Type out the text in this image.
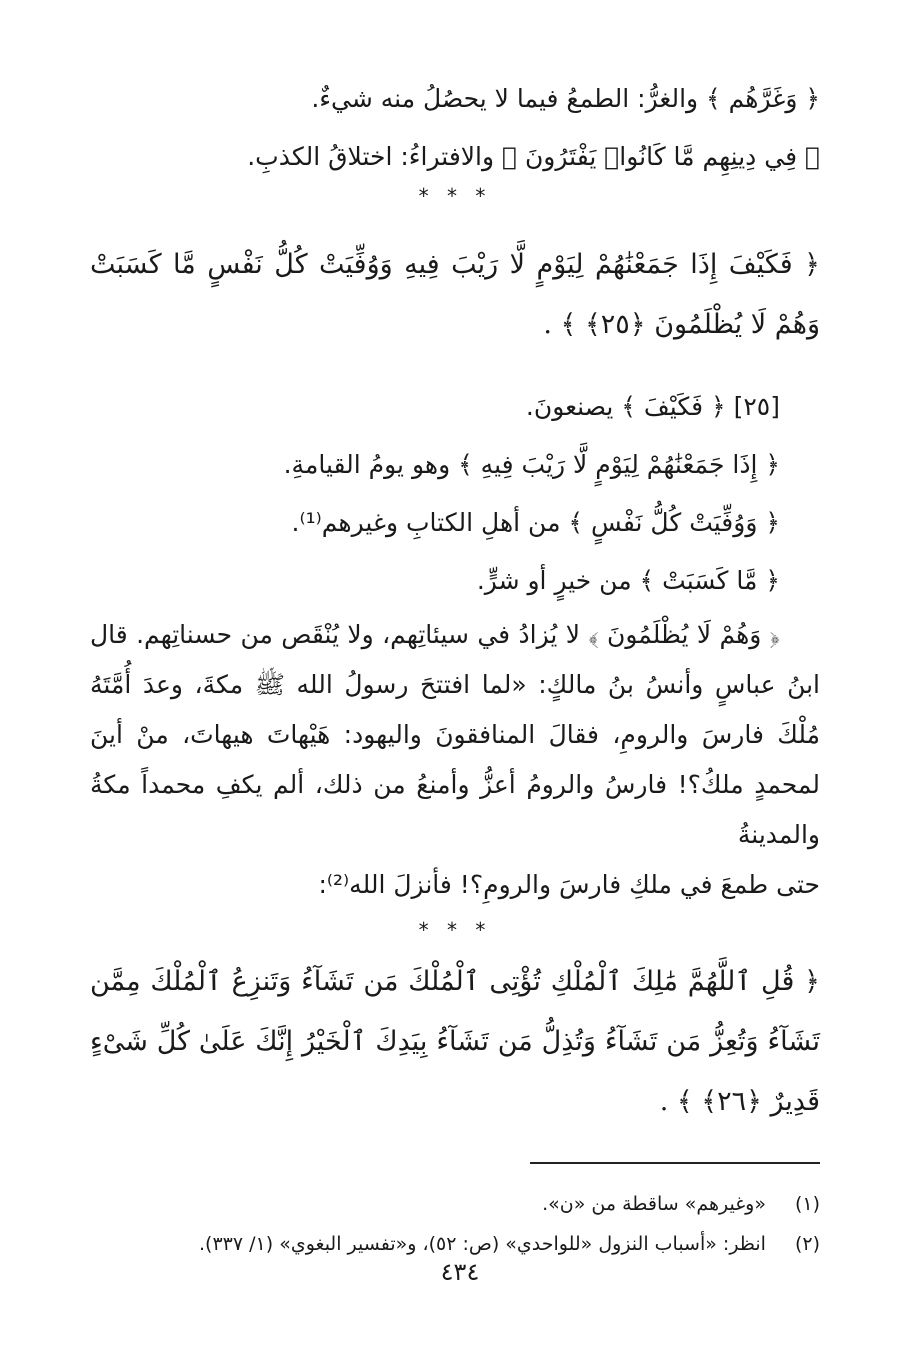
﴿ وَغَرَّهُم ﴾ والغرُّ: الطمعُ فيما لا يحصُلُ منه شيءٌ.

﴿ فِي دِينِهِم مَّا كَانُوا۟ يَفْتَرُونَ ﴾ والافتراءُ: اختلاقُ الكذبِ.

* * *

﴿ فَكَيْفَ إِذَا جَمَعْنَٰهُمْ لِيَوْمٍ لَّا رَيْبَ فِيهِ وَوُفِّيَتْ كُلُّ نَفْسٍ مَّا كَسَبَتْ وَهُمْ لَا يُظْلَمُونَ ﴿٢٥﴾ ﴾ .

[٢٥] ﴿ فَكَيْفَ ﴾ يصنعونَ.

﴿ إِذَا جَمَعْنَٰهُمْ لِيَوْمٍ لَّا رَيْبَ فِيهِ ﴾ وهو يومُ القيامةِ.

﴿ وَوُفِّيَتْ كُلُّ نَفْسٍ ﴾ من أهلِ الكتابِ وغيرهم⁽¹⁾.

﴿ مَّا كَسَبَتْ ﴾ من خيرٍ أو شرٍّ.

﴿ وَهُمْ لَا يُظْلَمُونَ ﴾ لا يُزادُ في سيئاتِهم، ولا يُنْقَص من حسناتِهم. قال ابنُ عباسٍ وأنسُ بنُ مالكٍ: «لما افتتحَ رسولُ الله ﷺ مكةَ، وعدَ أُمَّتَهُ مُلْكَ فارسَ والرومِ، فقالَ المنافقونَ واليهود: هَيْهاتَ هيهاتَ، منْ أينَ لمحمدٍ ملكُ؟! فارسُ والرومُ أعزُّ وأمنعُ من ذلك، ألم يكفِ محمداً مكةُ والمدينةُ

حتى طمعَ في ملكِ فارسَ والرومِ؟! فأنزلَ الله⁽²⁾:

* * *

﴿ قُلِ ٱللَّهُمَّ مَٰلِكَ ٱلْمُلْكِ تُؤْتِى ٱلْمُلْكَ مَن تَشَآءُ وَتَنزِعُ ٱلْمُلْكَ مِمَّن تَشَآءُ وَتُعِزُّ مَن تَشَآءُ وَتُذِلُّ مَن تَشَآءُ بِيَدِكَ ٱلْخَيْرُ إِنَّكَ عَلَىٰ كُلِّ شَىْءٍ قَدِيرٌ ﴿٢٦﴾ ﴾ .

(١) «وغيرهم» ساقطة من «ن».
(٢) انظر: «أسباب النزول «للواحدي» (ص: ٥٢)، و«تفسير البغوي» (١/ ٣٣٧).
٤٣٤
